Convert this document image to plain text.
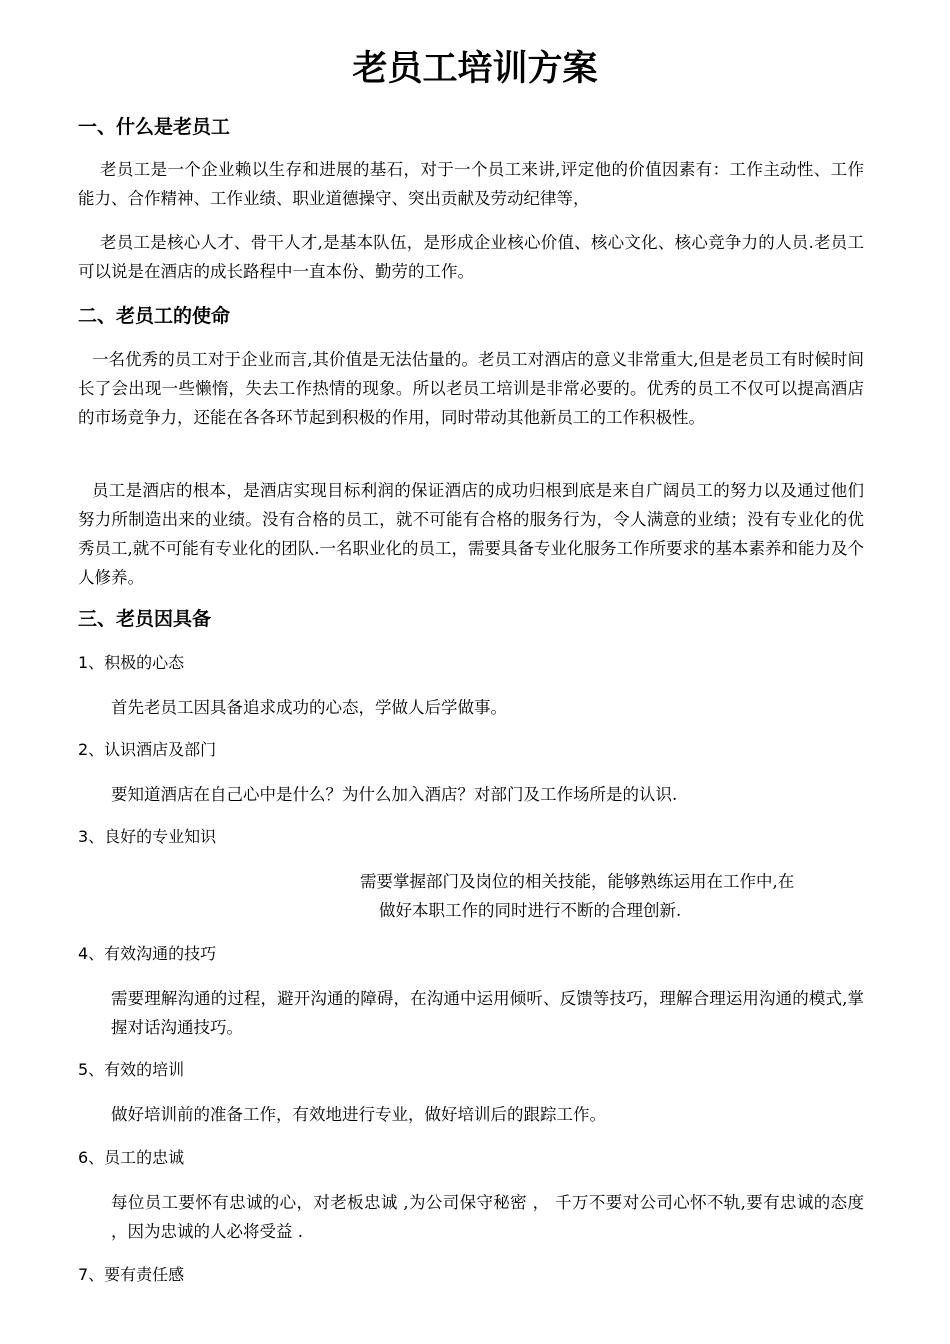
老员工培训方案
一、什么是老员工

老员工是一个企业赖以生存和进展的基石，对于一个员工来讲,评定他的价值因素有：工作主动性、工作能力、合作精神、工作业绩、职业道德操守、突出贡献及劳动纪律等，

老员工是核心人才、骨干人才,是基本队伍，是形成企业核心价值、核心文化、核心竞争力的人员.老员工可以说是在酒店的成长路程中一直本份、勤劳的工作。

二、老员工的使命

一名优秀的员工对于企业而言,其价值是无法估量的。老员工对酒店的意义非常重大,但是老员工有时候时间长了会出现一些懒惰，失去工作热情的现象。所以老员工培训是非常必要的。优秀的员工不仅可以提高酒店的市场竞争力，还能在各各环节起到积极的作用，同时带动其他新员工的工作积极性。

员工是酒店的根本，是酒店实现目标利润的保证酒店的成功归根到底是来自广阔员工的努力以及通过他们努力所制造出来的业绩。没有合格的员工，就不可能有合格的服务行为，令人满意的业绩；没有专业化的优秀员工,就不可能有专业化的团队.一名职业化的员工，需要具备专业化服务工作所要求的基本素养和能力及个人修养。

三、老员因具备
1、积极的心态

首先老员工因具备追求成功的心态，学做人后学做事。

2、认识酒店及部门

要知道酒店在自己心中是什么？为什么加入酒店？对部门及工作场所是的认识.

3、良好的专业知识
需要掌握部门及岗位的相关技能，能够熟练运用在工作中,在
做好本职工作的同时进行不断的合理创新.
4、有效沟通的技巧

需要理解沟通的过程，避开沟通的障碍，在沟通中运用倾听、反馈等技巧，理解合理运用沟通的模式,掌握对话沟通技巧。

5、有效的培训

做好培训前的准备工作，有效地进行专业，做好培训后的跟踪工作。

6、员工的忠诚

每位员工要怀有忠诚的心，对老板忠诚 ,为公司保守秘密 ， 千万不要对公司心怀不轨,要有忠诚的态度 ，因为忠诚的人必将受益 .

7、要有责任感
